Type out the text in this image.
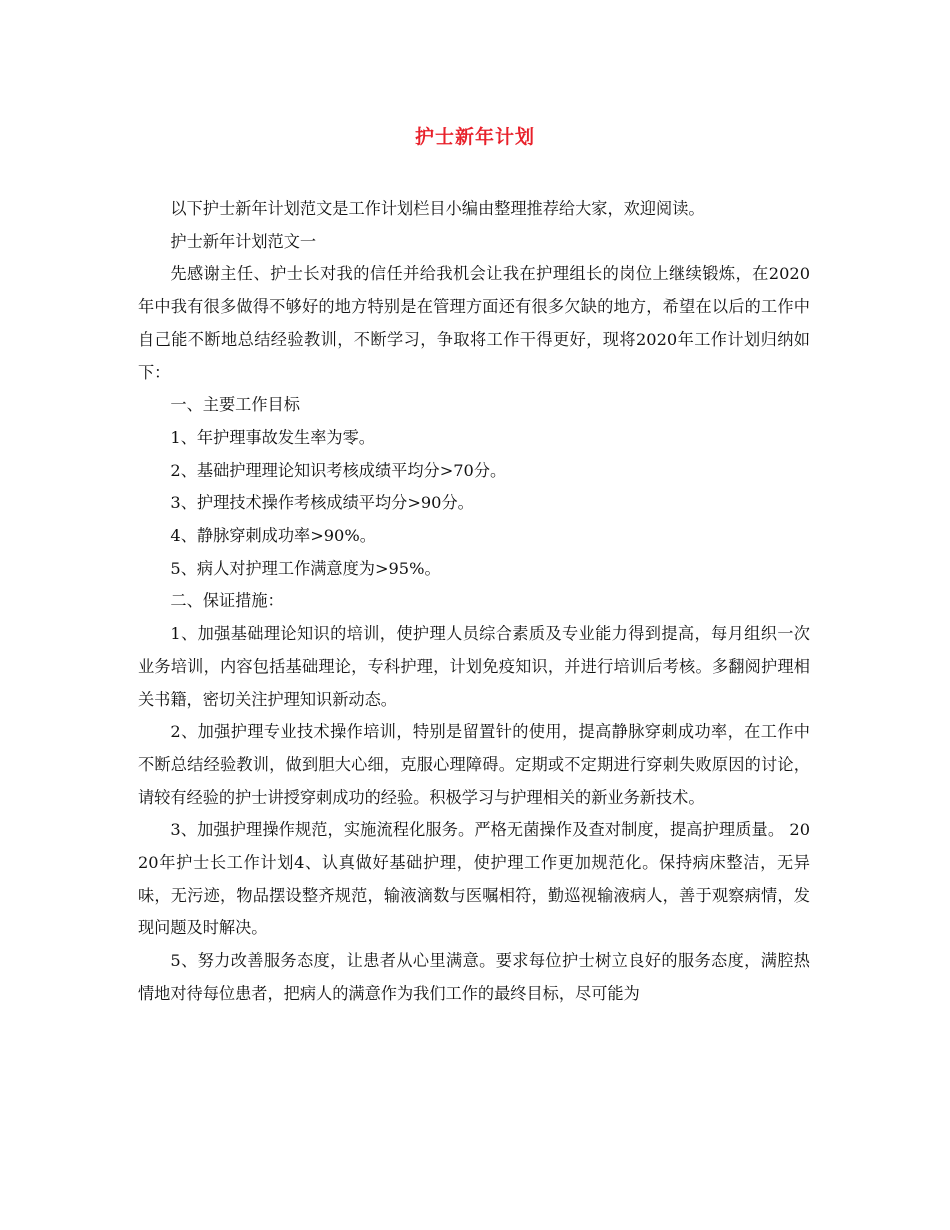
护士新年计划

以下护士新年计划范文是工作计划栏目小编由整理推荐给大家，欢迎阅读。

护士新年计划范文一

先感谢主任、护士长对我的信任并给我机会让我在护理组长的岗位上继续锻炼，在2020年中我有很多做得不够好的地方特别是在管理方面还有很多欠缺的地方，希望在以后的工作中自己能不断地总结经验教训，不断学习，争取将工作干得更好，现将2020年工作计划归纳如下：

一、主要工作目标

1、年护理事故发生率为零。

2、基础护理理论知识考核成绩平均分>70分。

3、护理技术操作考核成绩平均分>90分。

4、静脉穿刺成功率>90%。

5、病人对护理工作满意度为>95%。

二、保证措施：

1、加强基础理论知识的培训，使护理人员综合素质及专业能力得到提高，每月组织一次业务培训，内容包括基础理论，专科护理，计划免疫知识，并进行培训后考核。多翻阅护理相关书籍，密切关注护理知识新动态。

2、加强护理专业技术操作培训，特别是留置针的使用，提高静脉穿刺成功率，在工作中不断总结经验教训，做到胆大心细，克服心理障碍。定期或不定期进行穿刺失败原因的讨论，请较有经验的护士讲授穿刺成功的经验。积极学习与护理相关的新业务新技术。

3、加强护理操作规范，实施流程化服务。严格无菌操作及查对制度，提高护理质量。 2020年护士长工作计划4、认真做好基础护理，使护理工作更加规范化。保持病床整洁，无异味，无污迹，物品摆设整齐规范，输液滴数与医嘱相符，勤巡视输液病人，善于观察病情，发现问题及时解决。

5、努力改善服务态度，让患者从心里满意。要求每位护士树立良好的服务态度，满腔热情地对待每位患者，把病人的满意作为我们工作的最终目标，尽可能为
